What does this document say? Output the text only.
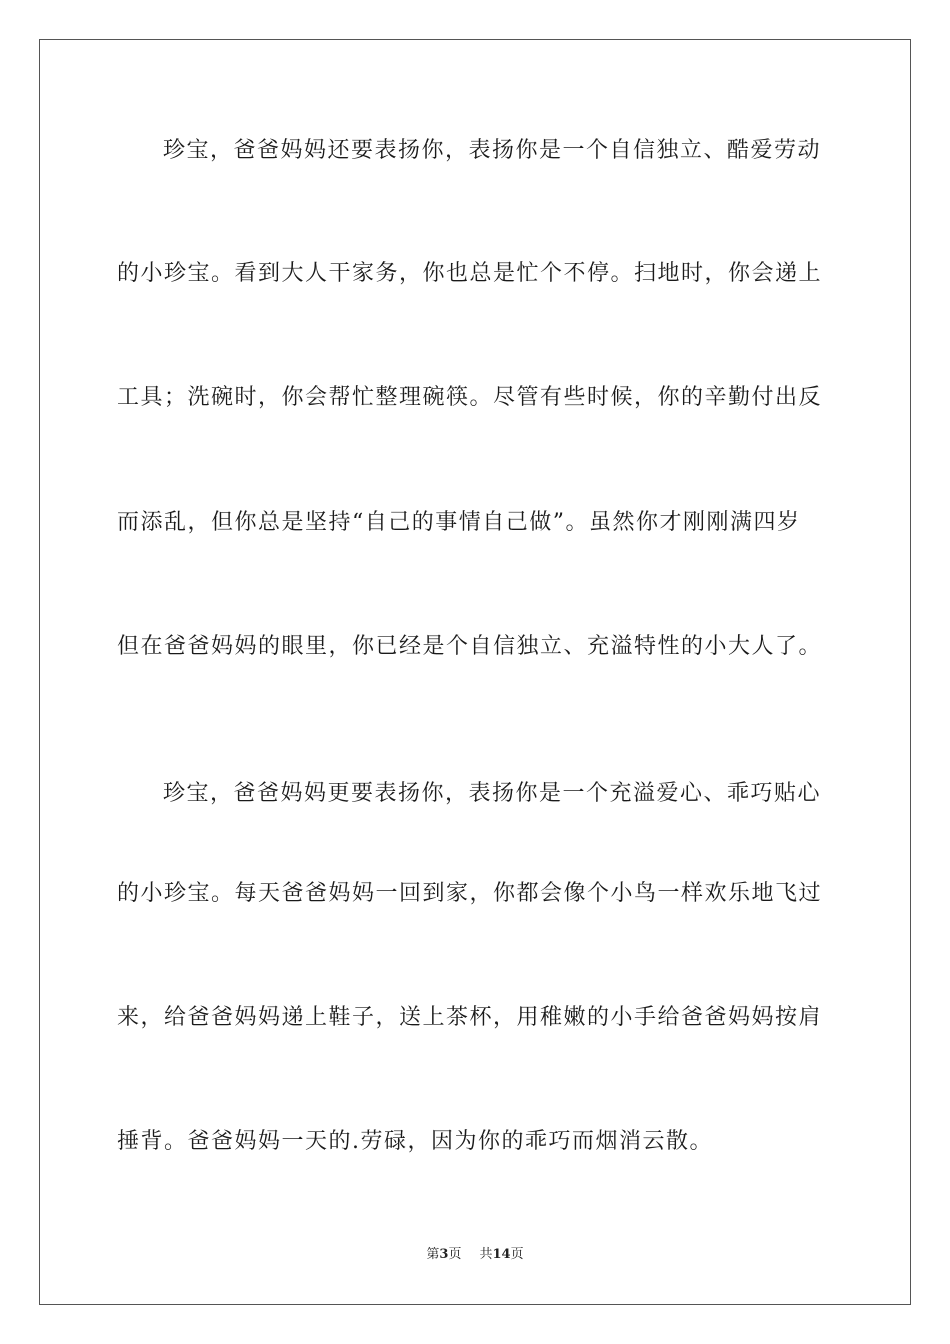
珍宝，爸爸妈妈还要表扬你，表扬你是一个自信独立、酷爱劳动
的小珍宝。看到大人干家务，你也总是忙个不停。扫地时，你会递上
工具；洗碗时，你会帮忙整理碗筷。尽管有些时候，你的辛勤付出反
而添乱，但你总是坚持“自己的事情自己做”。虽然你才刚刚满四岁
但在爸爸妈妈的眼里，你已经是个自信独立、充溢特性的小大人了。
珍宝，爸爸妈妈更要表扬你，表扬你是一个充溢爱心、乖巧贴心
的小珍宝。每天爸爸妈妈一回到家，你都会像个小鸟一样欢乐地飞过
来，给爸爸妈妈递上鞋子，送上茶杯，用稚嫩的小手给爸爸妈妈按肩
捶背。爸爸妈妈一天的.劳碌，因为你的乖巧而烟消云散。
第3页 共14页
